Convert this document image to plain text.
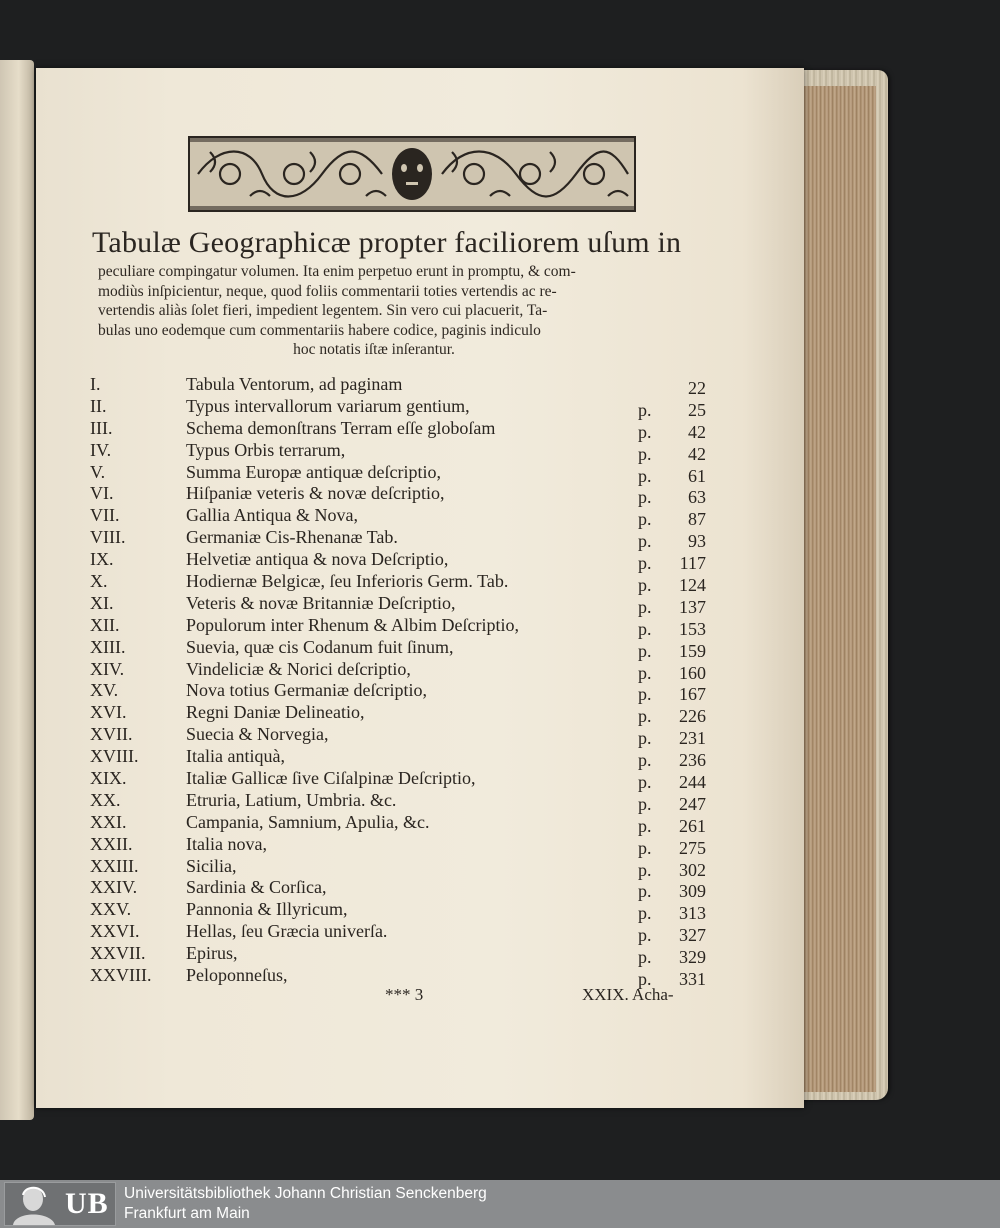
Tabulæ Geographicæ propter faciliorem uſum in

peculiare compingatur volumen. Ita enim perpetuo erunt in promptu, & com-

modiùs inſpicientur, neque, quod foliis commentarii toties vertendis ac re-

vertendis aliàs ſolet fieri, impedient legentem. Sin vero cui placuerit, Ta-

bulas uno eodemque cum commentariis habere codice, paginis indiculo

hoc notatis iſtæ inſerantur.

I.	Tabula Ventorum, ad paginam	22
II.	Typus intervallorum variarum gentium,	p.	25
III.	Schema demonſtrans Terram eſſe globoſam	p.	42
IV.	Typus Orbis terrarum,	p.	42
V.	Summa Europæ antiquæ deſcriptio,	p.	61
VI.	Hiſpaniæ veteris & novæ deſcriptio,	p.	63
VII.	Gallia Antiqua & Nova,	p.	87
VIII.	Germaniæ Cis-Rhenanæ Tab.	p.	93
IX.	Helvetiæ antiqua & nova Deſcriptio,	p.	117
X.	Hodiernæ Belgicæ, ſeu Inferioris Germ. Tab.	p.	124
XI.	Veteris & novæ Britanniæ Deſcriptio,	p.	137
XII.	Populorum inter Rhenum & Albim Deſcriptio,	p.	153
XIII.	Suevia, quæ cis Codanum fuit ſinum,	p.	159
XIV.	Vindeliciæ & Norici deſcriptio,	p.	160
XV.	Nova totius Germaniæ deſcriptio,	p.	167
XVI.	Regni Daniæ Delineatio,	p.	226
XVII.	Suecia & Norvegia,	p.	231
XVIII.	Italia antiquà,	p.	236
XIX.	Italiæ Gallicæ ſive Ciſalpinæ Deſcriptio,	p.	244
XX.	Etruria, Latium, Umbria. &c.	p.	247
XXI.	Campania, Samnium, Apulia, &c.	p.	261
XXII.	Italia nova,	p.	275
XXIII.	Sicilia,	p.	302
XXIV.	Sardinia & Corſica,	p.	309
XXV.	Pannonia & Illyricum,	p.	313
XXVI.	Hellas, ſeu Græcia univerſa.	p.	327
XXVII. Epirus,	p.	329
XXVIII. Peloponneſus,	p.	331
*** 3	XXIX. Acha-
UB Universitätsbibliothek Johann Christian Senckenberg
Frankfurt am Main
